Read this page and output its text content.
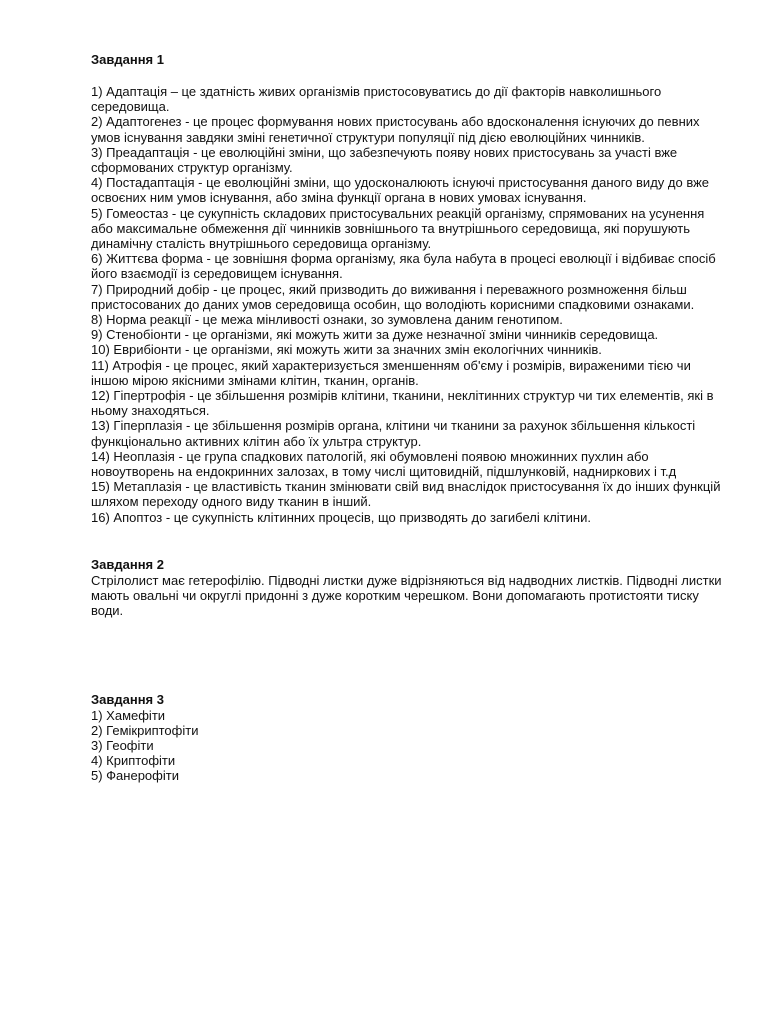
Завдання 1

1) Адаптація – це здатність живих організмів пристосовуватись до дії факторів навколишнього середовища.

2) Адаптогенез - це процес формування нових пристосувань або вдосконалення існуючих до певних умов існування завдяки зміні генетичної структури популяції під дією еволюційних чинників.

3) Преадаптація - це еволюційні зміни, що забезпечують появу нових пристосувань за участі вже сформованих структур організму.

4) Постадаптація - це еволюційні зміни, що удосконалюють існуючі пристосування даного виду до вже освоєних ним умов існування, або зміна функції органа в нових умовах існування.

5) Гомеостаз - це сукупність складових пристосувальних реакцій організму, спрямованих на усунення або максимальне обмеження дії чинників зовнішнього та внутрішнього середовища, які порушують динамічну сталість внутрішнього середовища організму.

6) Життєва форма - це зовнішня форма організму, яка була набута в процесі еволюції і відбиває спосіб його взаємодії із середовищем існування.

7) Природний добір - це процес, який призводить до виживання і переважного розмноження більш пристосованих до даних умов середовища особин, що володіють корисними спадковими ознаками.

8) Норма реакції - це межа мінливості ознаки, зо зумовлена даним генотипом.

9) Стенобіонти - це організми, які можуть жити за дуже незначної зміни чинників середовища.

10) Еврибіонти - це організми, які можуть жити за значних змін екологічних чинників.

11) Атрофія - це процес, який характеризується зменшенням об'єму і розмірів, вираженими тією чи іншою мірою якісними змінами клітин, тканин, органів.

12) Гіпертрофія - це збільшення розмірів клітини, тканини, неклітинних структур чи тих елементів, які в ньому знаходяться.

13) Гіперплазія - це збільшення розмірів органа, клітини чи тканини за рахунок збільшення кількості функціонально активних клітин або їх ультра структур.

14) Неоплазія - це група спадкових патологій, які обумовлені появою множинних пухлин або новоутворень на ендокринних залозах, в тому числі щитовидній, підшлунковій, надниркових і т.д

15) Метаплазія - це властивість тканин змінювати свій вид внаслідок пристосування їх до інших функцій шляхом переходу одного виду тканин в інший.

16) Апоптоз - це сукупність клітинних процесів, що призводять до загибелі клітини.

Завдання 2

Стрілолист має гетерофілію. Підводні листки дуже відрізняються від надводних листків. Підводні листки мають овальні чи округлі придонні з дуже коротким черешком. Вони допомагають протистояти тиску води.

Завдання 3

1) Хамефіти

2) Гемікриптофіти

3) Геофіти

4) Криптофіти

5) Фанерофіти
